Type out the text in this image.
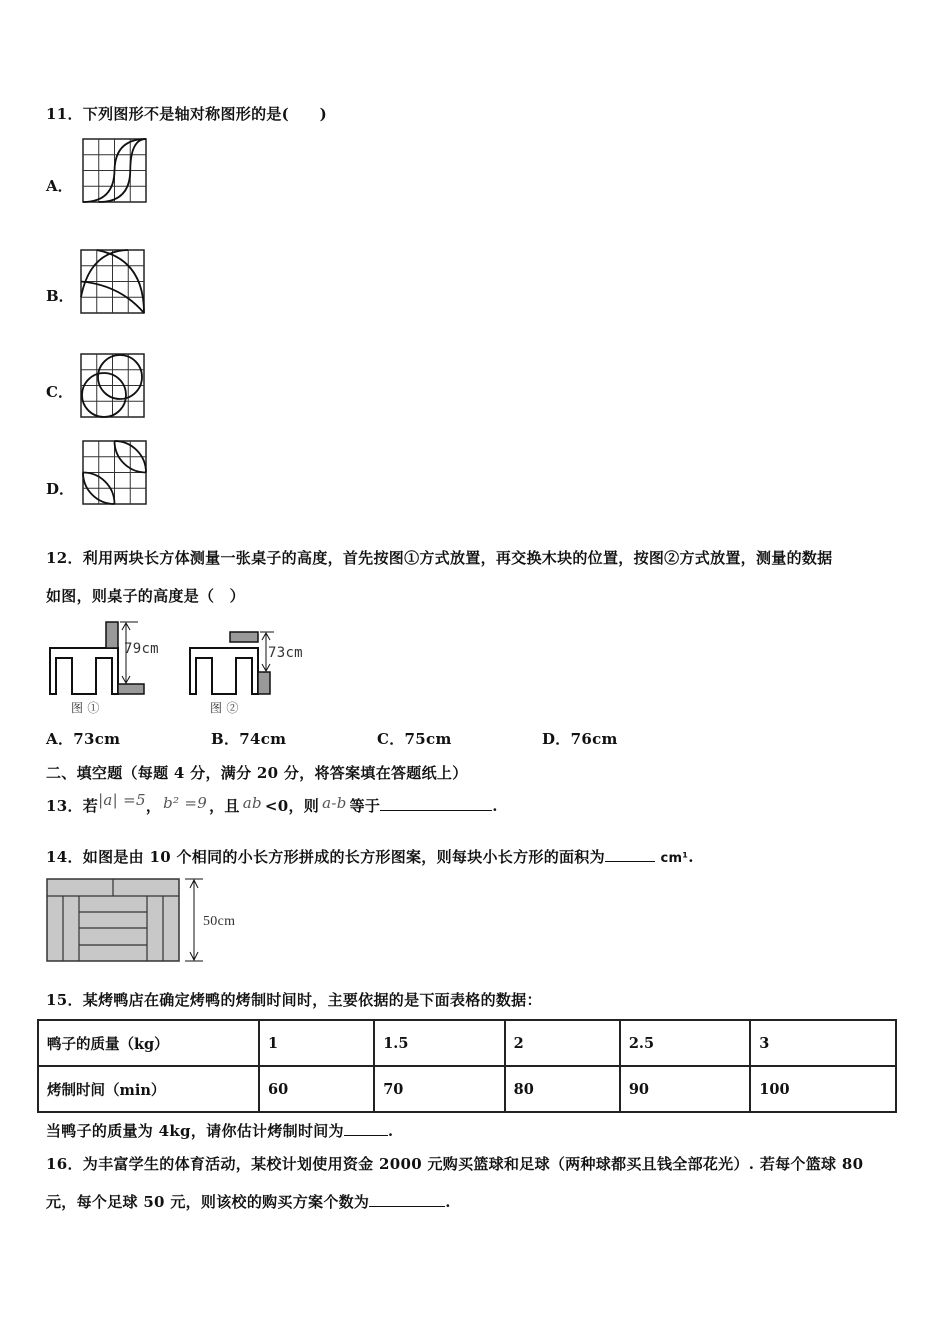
11．下列图形不是轴对称图形的是(　　)
A．
B．
C．
D．
12．利用两块长方体测量一张桌子的高度，首先按图①方式放置，再交换木块的位置，按图②方式放置，测量的数据
如图，则桌子的高度是（　）
79cm	73cm
图 ①	图 ②
A．73cm	B．74cm	C．75cm	D．76cm
二、填空题（每题 4 分，满分 20 分，将答案填在答题纸上）
13．若|a| =5， b² =9 ，且 ab <0，则 a-b 等于	.
14．如图是由 10 个相同的小长方形拼成的长方形图案，则每块小长方形的面积为	cm¹.
50cm
15．某烤鸭店在确定烤鸭的烤制时间时，主要依据的是下面表格的数据：
鸭子的质量（kg）	1	1.5	2	2.5	3
烤制时间（min）	60	70	80	90	100
当鸭子的质量为 4kg，请你估计烤制时间为	.
16．为丰富学生的体育活动，某校计划使用资金 2000 元购买篮球和足球（两种球都买且钱全部花光）. 若每个篮球 80
元，每个足球 50 元，则该校的购买方案个数为	.
